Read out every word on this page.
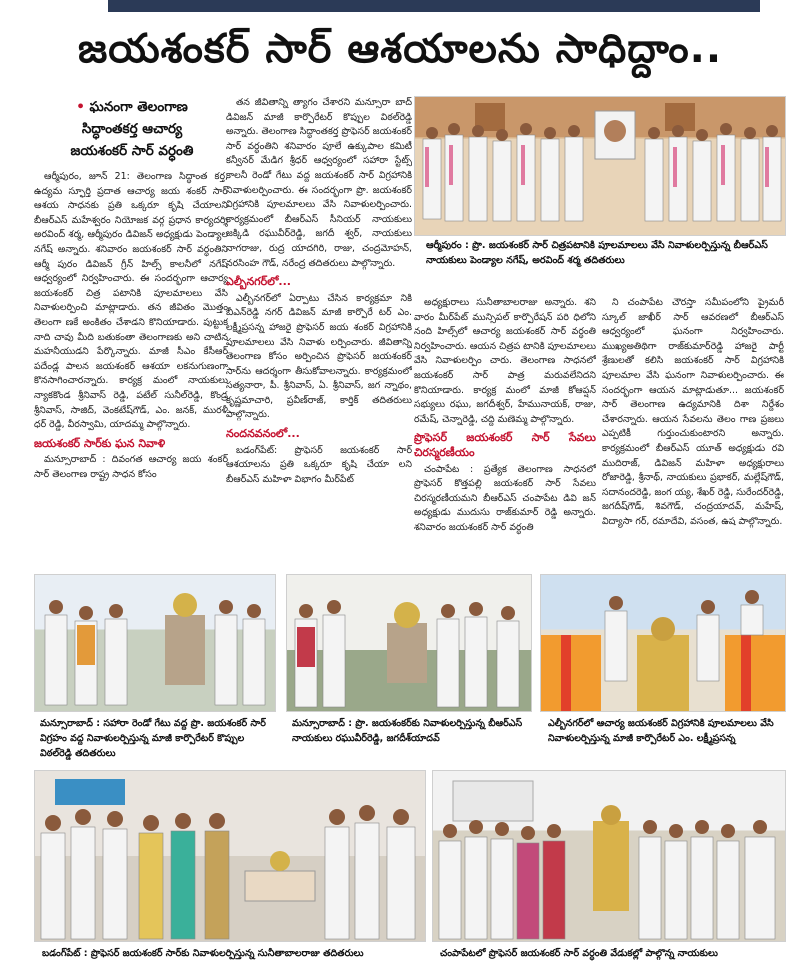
జయశంకర్ సార్ ఆశయాలను సాధిద్దాం..
• ఘనంగా తెలంగాణ
సిద్ధాంతకర్త ఆచార్య
జయశంకర్ సార్ వర్ధంతి

ఆర్మీపురం, జూన్ 21: తెలంగాణ సిద్ధాంత కర్త, ఉద్యమ స్ఫూర్తి ప్రదాత ఆచార్య జయ శంకర్ సార్ ఆశయ సాధనకు ప్రతి ఒక్కరూ కృషి చేయాలని బీఆర్ఎస్ మహేశ్వరం నియోజక వర్గ ప్రధాన కార్యదర్శి అరవింద్ శర్మ, ఆర్మీపురం డివిజన్ అధ్యక్షుడు పెండ్యాల నగేష్ అన్నారు. శనివారం జయశంకర్ సార్ వర్ధంతిని ఆర్మీ పురం డివిజన్ గ్రీన్ హిల్స్ కాలనీలో నగేష్ ఆధ్వర్యంలో నిర్వహించారు. ఈ సందర్భంగా ఆచార్య జయశంకర్ చిత్ర పటానికి పూలమాలలు వేసి నివాళులర్పించి మాట్లాడారు. తన జీవితం మొత్తం తెలంగా ణకే అంకితం చేశాడని కొనియాడారు. పుట్టుక నాది చావు మీది బతుకంతా తెలంగాణకు అని చాటిన మహనీయుడని పేర్కొన్నారు. మాజీ సీఎం కేసీఆర్ పదేండ్ల పాలన జయశంకర్ ఆశయా లకనుగుణంగా కొనసాగించారన్నారు. కార్యక్ర మంలో నాయకులు న్యాకకొండ శ్రీనివాస్ రెడ్డి, పటేల్ సునీల్‌రెడ్డి, కొండ్ర శ్రీనివాస్, సాజిద్, వెంకటేష్‌గౌడ్, ఎం. జనక్, మురళీ ధర్ రెడ్డి, వీరస్వామి, యాదమ్మ పాల్గొన్నారు.

జయశంకర్ సార్‌కు ఘన నివాళి

మన్సూరాబాద్ : దివంగత ఆచార్య జయ శంకర్ సార్ తెలంగాణ రాష్ట్ర సాధన కోసం

తన జీవితాన్ని త్యాగం చేశారని మన్సూరా బాద్ డివిజన్ మాజీ కార్పొరేటర్ కొప్పుల విఠల్‌రెడ్డి అన్నారు. తెలంగాణ సిద్ధాంతకర్త ప్రొఫెసర్ జయశంకర్ సార్ వర్ధంతిని శనివారం పూలే ఉక్కుపాల కమిటీ కన్వీనర్ మేడిగ శ్రీధర్ ఆధ్వర్యంలో సహారా స్టేట్స్ కాలనీ రెండో గేటు వద్ద జయశంకర్ సార్ విగ్రహానికి నివాళులర్పించారు. ఈ సందర్భంగా ప్రొ. జయశంకర్ విగ్రహానికి పూలమాలలు వేసి నివాళులర్పించారు. కార్యక్రమంలో బీఆర్ఎస్ సీనియర్ నాయకులు జక్కిడి రఘువీర్‌రెడ్డి, జగదీ శ్వర్, నాయకులు నాగరాజు, రుద్ర యాదగిరి, రాజు, చంద్రమోహన్, నరసింహ గౌడ్, నరేంద్ర తదితరులు పాల్గొన్నారు.

ఎల్బీనగర్‌లో...

ఎల్బీనగర్‌లో ఏర్పాటు చేసిన కార్యక్రమా నికి బీఎన్‌రెడ్డి నగర్ డివిజన్ మాజీ కార్పొరే టర్ ఎం. లక్ష్మీప్రసన్న హాజరై ప్రొఫెసర్ జయ శంకర్ విగ్రహానికి పూలమాలలు వేసి నివాళు లర్పించారు. జీవితాన్ని తెలంగాణ కోసం అర్పించిన ప్రొఫెసర్ జయశంకర్ సార్‌ను ఆదర్శంగా తీసుకోవాలన్నారు. కార్యక్రమంలో సత్యనారా, పీ. శ్రీనివాస్, ఏ. శ్రీనివాస్, జగ న్నాథం, కృష్ణమాచారి, ప్రవీణ్‌రాజ్, కార్తిక్ తదితరులు పాల్గొన్నారు.

నందనవనంలో...

బడంగ్‌పేట్: ప్రొఫెసర్ జయశంకర్ సార్ ఆశయాలను ప్రతి ఒక్కరూ కృషి చేయా లని బీఆర్ఎస్ మహిళా విభాగం మీర్‌పేట్

ఆర్మీపురం : ప్రొ. జయశంకర్ సార్ చిత్రపటానికి పూలమాలలు వేసి నివాళులర్పిస్తున్న బీఆర్ఎస్ నాయకులు పెండ్యాల నగేష్, అరవింద్ శర్మ తదితరులు

అధ్యక్షురాలు సునీతాబాలరాజు అన్నారు. శని వారం మీర్‌పేట్ మున్సిపల్ కార్పొరేషన్ పరి ధిలోని నంది హిల్స్‌లో ఆచార్య జయశంకర్ సార్ వర్ధంతి నిర్వహించారు. ఆయన చిత్రప టానికి పూలమాలలు వేసి నివాళులర్పిం చారు. తెలంగాణ సాధనలో జయశంకర్ సార్ పాత్ర మరువలేనిదని కొనియాడారు. కార్యక్ర మంలో మాజీ కోఆప్షన్ సభ్యులు రఘు, జగదీశ్వర్, హేమునాయక్, రాజు, రమేష్, చెన్నారెడ్డి, చద్ది మణెమ్మ పాల్గొన్నారు.

ప్రొఫెసర్ జయశంకర్ సార్ సేవలు చిరస్మరణీయం

చంపాపేట : ప్రత్యేక తెలంగాణ సాధనలో ప్రొఫెసర్ కొత్తపల్లి జయశంకర్ సార్ సేవలు చిరస్మరణీయమని బీఆర్ఎస్ చంపాపేట డివి జన్ అధ్యక్షుడు ముదుసు రాజ్‌కుమార్ రెడ్డి అన్నారు. శనివారం జయశంకర్ సార్ వర్ధంతి

ని చంపాపేట చౌరస్తా సమీపంలోని ప్రైమరీ స్కూల్ జాఖీర్ సార్ ఆవరణలో బీఆర్ఎస్ ఆధ్వర్యంలో ఘనంగా నిర్వహించారు. ముఖ్యఅతిథిగా రాజ్‌కుమార్‌రెడ్డి హాజరై పార్టీ శ్రేణులతో కలిసి జయశంకర్ సార్ విగ్రహానికి పూలమాల వేసి ఘనంగా నివాళులర్పించారు. ఈ సందర్భంగా ఆయన మాట్లాడుతూ... జయశంకర్ సార్ తెలంగాణ ఉద్యమానికి దిశా నిర్దేశం చేశారన్నారు. ఆయన సేవలను తెలం గాణ ప్రజలు ఎప్పటికీ గుర్తుంచుకుంటారని అన్నారు. కార్యక్రమంలో బీఆర్ఎస్ యూత్ అధ్యక్షుడు రవి ముదిరాజ్, డివిజన్ మహిళా అధ్యక్షురాలు రోజారెడ్డి, శ్రీనాథ్, నాయకులు ప్రభాకర్, మల్లేష్‌గౌడ్, సదానందరెడ్డి, జంగ య్య, శేఖర్ రెడ్డి, సురేందర్‌రెడ్డి, జగదీష్‌గౌడ్, శివగౌడ్, చంద్రయాదవ్, మహేష్, విద్యాసా గర్, రమాదేవి, వసంత, ఉష పాల్గొన్నారు.

మన్సూరాబాద్ : సహారా రెండో గేటు వద్ద ప్రొ. జయశంకర్ సార్ విగ్రహం వద్ద నివాళులర్పిస్తున్న మాజీ కార్పొరేటర్ కొప్పుల విఠల్‌రెడ్డి తదితరులు
మన్సూరాబాద్ : ప్రొ. జయశంకర్‌కు నివాళులర్పిస్తున్న బీఆర్ఎస్ నాయకులు రఘువీర్‌రెడ్డి, జగదీశ్‌యాదవ్
ఎల్బీనగర్‌లో ఆచార్య జయశంకర్ విగ్రహానికి పూలమాలలు వేసి నివాళులర్పిస్తున్న మాజీ కార్పొరేటర్ ఎం. లక్ష్మీప్రసన్న
బడంగ్‌పేట్ : ప్రొఫెసర్ జయశంకర్ సార్‌కు నివాళులర్పిస్తున్న సునీతాబాలరాజు తదితరులు	చంపాపేటలో ప్రొఫెసర్ జయశంకర్ సార్ వర్ధంతి వేడుకల్లో పాల్గొన్న నాయకులు
